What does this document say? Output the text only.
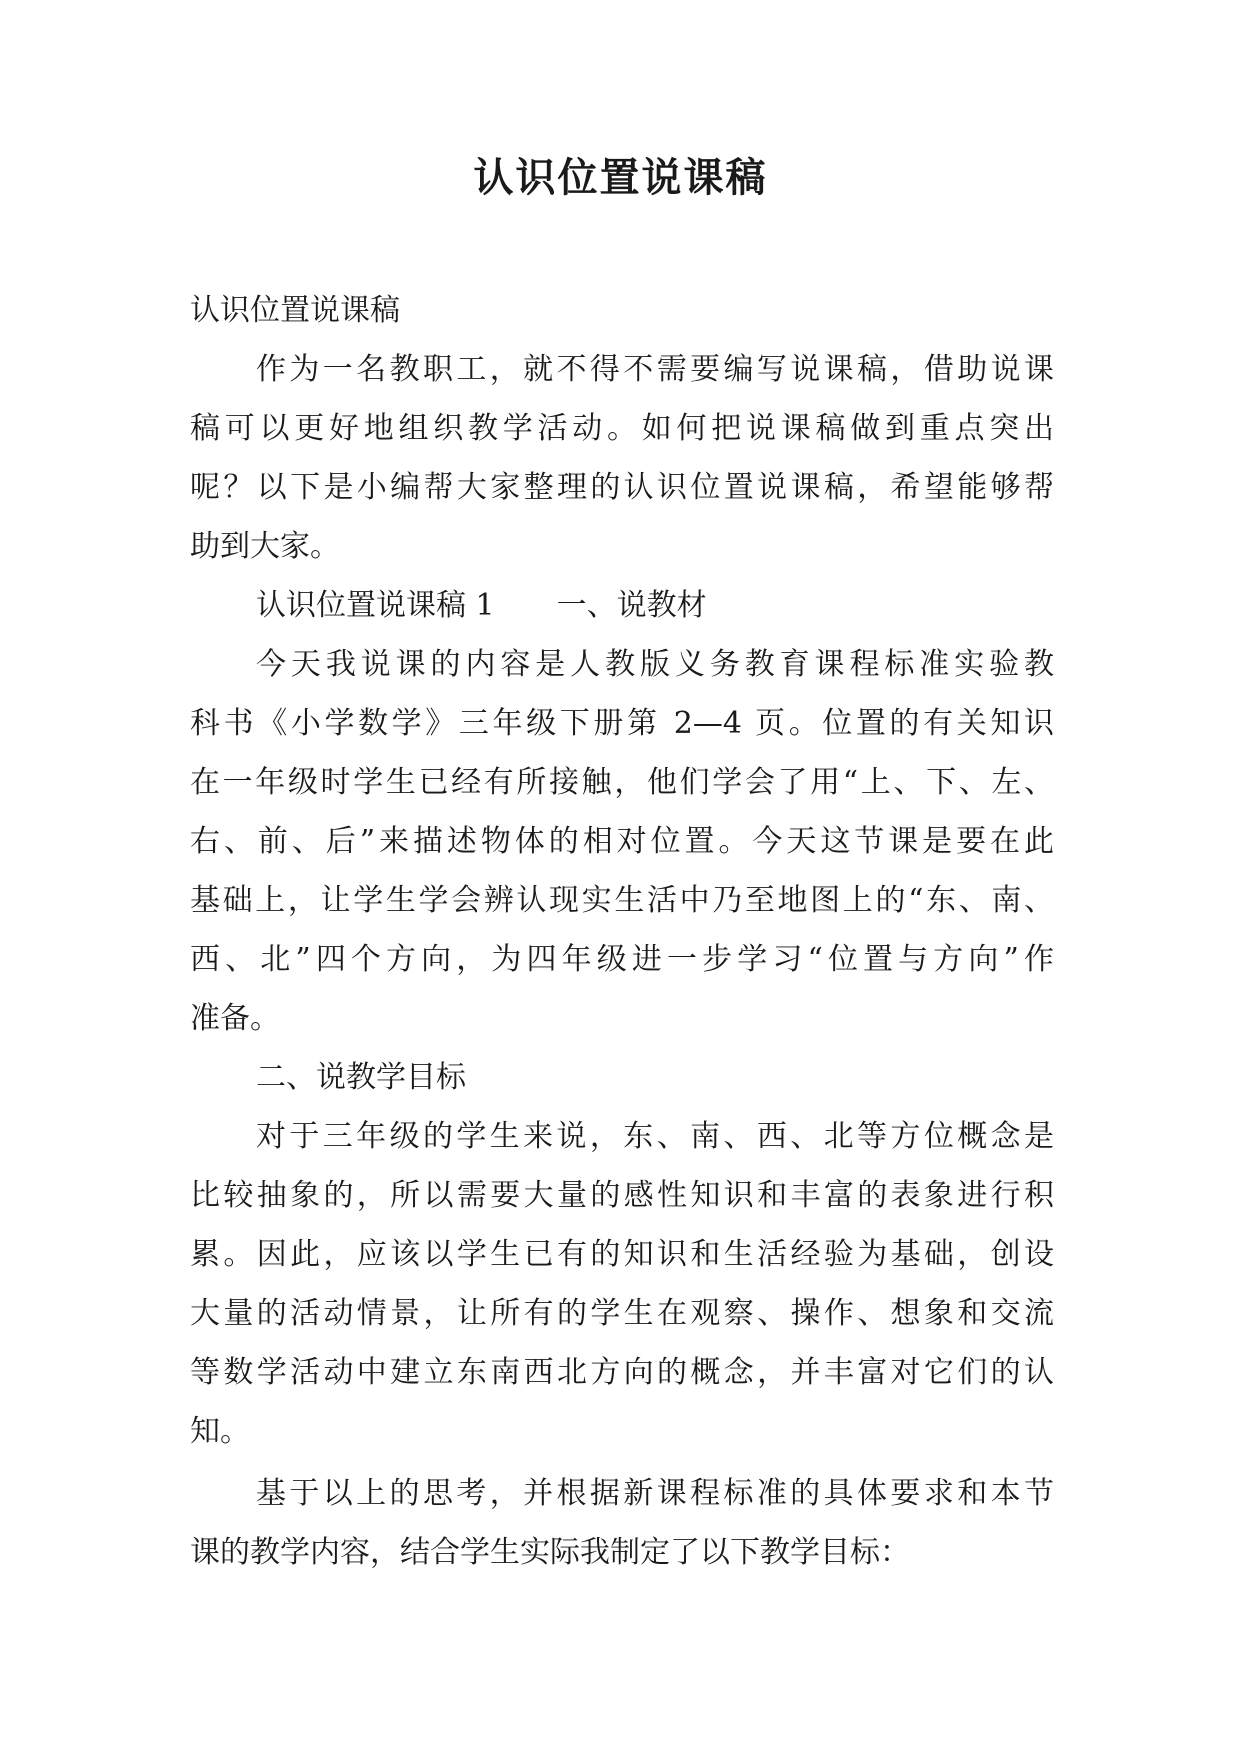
认识位置说课稿
认识位置说课稿
作为一名教职工，就不得不需要编写说课稿，借助说课
稿可以更好地组织教学活动。如何把说课稿做到重点突出
呢？以下是小编帮大家整理的认识位置说课稿，希望能够帮
助到大家。
认识位置说课稿 1 一、说教材
今天我说课的内容是人教版义务教育课程标准实验教
科书《小学数学》三年级下册第 2—4 页。位置的有关知识
在一年级时学生已经有所接触，他们学会了用“上、下、左、
右、前、后”来描述物体的相对位置。今天这节课是要在此
基础上，让学生学会辨认现实生活中乃至地图上的“东、南、
西、北”四个方向，为四年级进一步学习“位置与方向”作
准备。
二、说教学目标
对于三年级的学生来说，东、南、西、北等方位概念是
比较抽象的，所以需要大量的感性知识和丰富的表象进行积
累。因此，应该以学生已有的知识和生活经验为基础，创设
大量的活动情景，让所有的学生在观察、操作、想象和交流
等数学活动中建立东南西北方向的概念，并丰富对它们的认
知。
基于以上的思考，并根据新课程标准的具体要求和本节
课的教学内容，结合学生实际我制定了以下教学目标：
